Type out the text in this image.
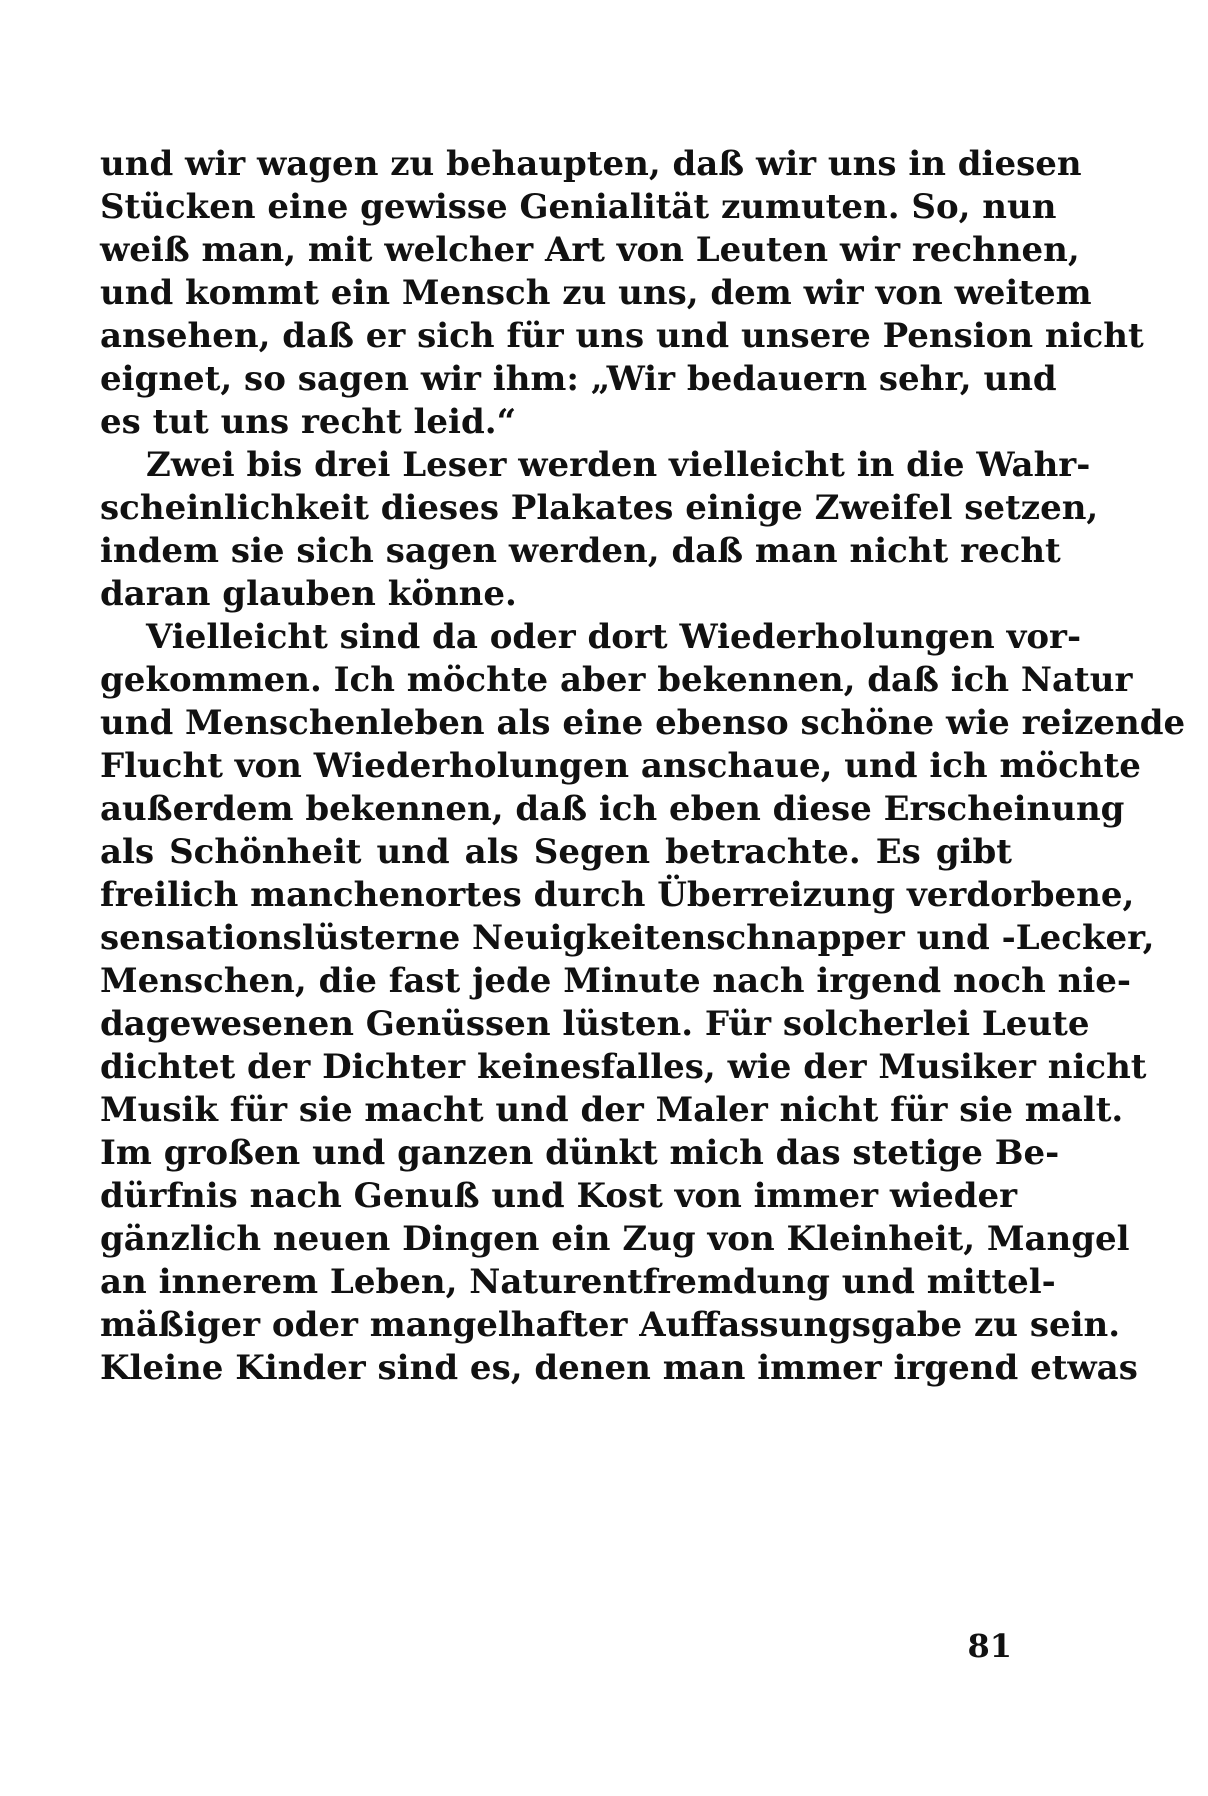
und wir wagen zu behaupten, daß wir uns in diesen
Stücken eine gewisse Genialität zumuten. So, nun
weiß man, mit welcher Art von Leuten wir rechnen,
und kommt ein Mensch zu uns, dem wir von weitem
ansehen, daß er sich für uns und unsere Pension nicht
eignet, so sagen wir ihm: „Wir bedauern sehr, und
es tut uns recht leid.“
Zwei bis drei Leser werden vielleicht in die Wahr-
scheinlichkeit dieses Plakates einige Zweifel setzen,
indem sie sich sagen werden, daß man nicht recht
daran glauben könne.
Vielleicht sind da oder dort Wiederholungen vor-
gekommen. Ich möchte aber bekennen, daß ich Natur
und Menschenleben als eine ebenso schöne wie reizende
Flucht von Wiederholungen anschaue, und ich möchte
außerdem bekennen, daß ich eben diese Erscheinung
als Schönheit und als Segen betrachte. Es gibt
freilich manchenortes durch Überreizung verdorbene,
sensationslüsterne Neuigkeitenschnapper und -Lecker,
Menschen, die fast jede Minute nach irgend noch nie-
dagewesenen Genüssen lüsten. Für solcherlei Leute
dichtet der Dichter keinesfalles, wie der Musiker nicht
Musik für sie macht und der Maler nicht für sie malt.
Im großen und ganzen dünkt mich das stetige Be-
dürfnis nach Genuß und Kost von immer wieder
gänzlich neuen Dingen ein Zug von Kleinheit, Mangel
an innerem Leben, Naturentfremdung und mittel-
mäßiger oder mangelhafter Auffassungsgabe zu sein.
Kleine Kinder sind es, denen man immer irgend etwas
81
